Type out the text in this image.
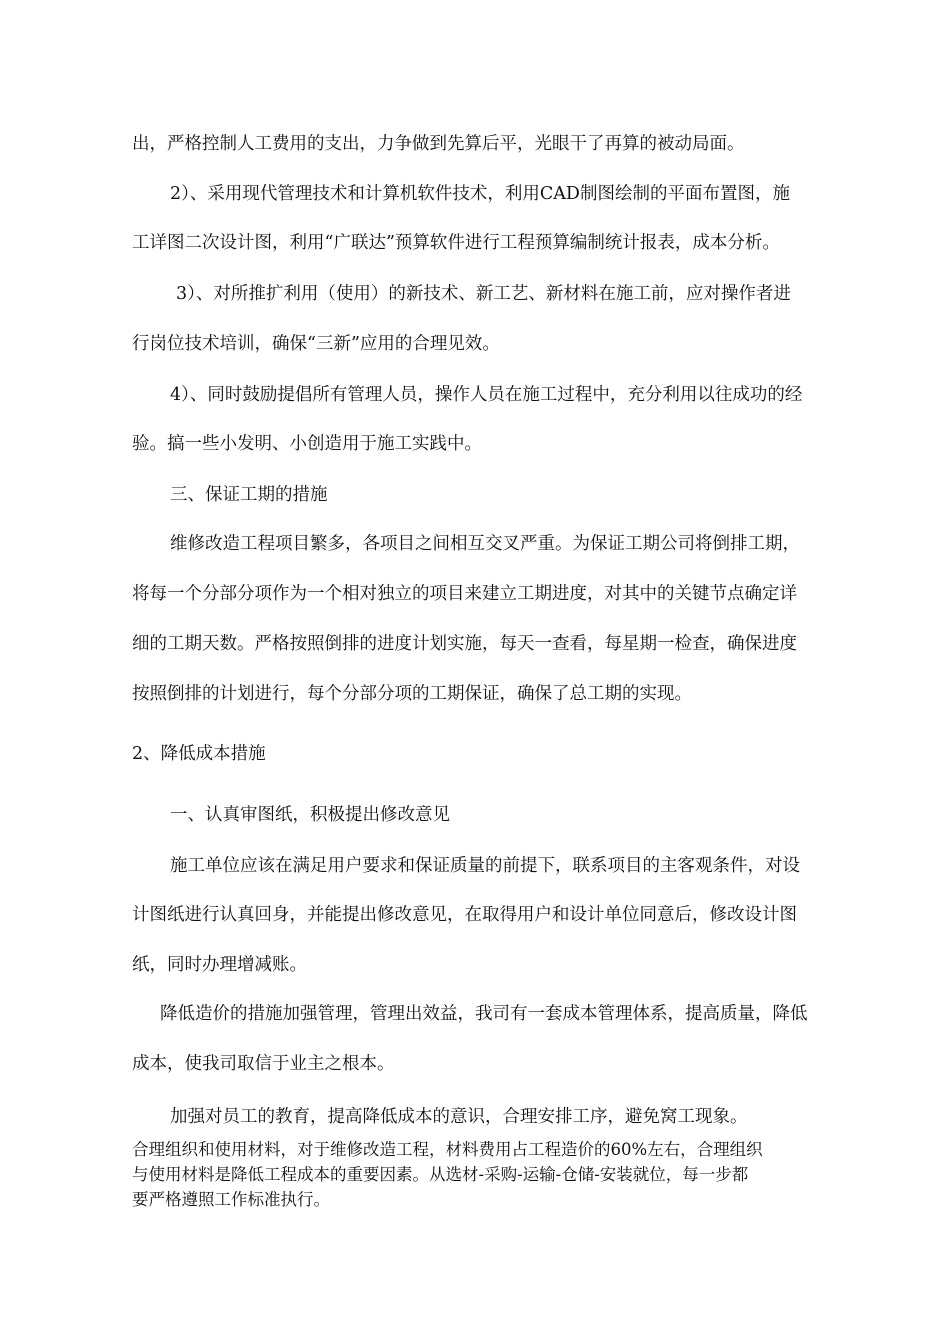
出，严格控制人工费用的支出，力争做到先算后平，光眼干了再算的被动局面。
2）、采用现代管理技术和计算机软件技术，利用CAD制图绘制的平面布置图，施
工详图二次设计图，利用“广联达”预算软件进行工程预算编制统计报表，成本分析。
3）、对所推扩利用（使用）的新技术、新工艺、新材料在施工前，应对操作者进
行岗位技术培训，确保“三新”应用的合理见效。
4）、同时鼓励提倡所有管理人员，操作人员在施工过程中，充分利用以往成功的经
验。搞一些小发明、小创造用于施工实践中。
三、保证工期的措施
维修改造工程项目繁多，各项目之间相互交叉严重。为保证工期公司将倒排工期，
将每一个分部分项作为一个相对独立的项目来建立工期进度，对其中的关键节点确定详
细的工期天数。严格按照倒排的进度计划实施，每天一查看，每星期一检查，确保进度
按照倒排的计划进行，每个分部分项的工期保证，确保了总工期的实现。
2、降低成本措施
一、认真审图纸，积极提出修改意见
施工单位应该在满足用户要求和保证质量的前提下，联系项目的主客观条件，对设
计图纸进行认真回身，并能提出修改意见，在取得用户和设计单位同意后，修改设计图
纸，同时办理增减账。
降低造价的措施加强管理，管理出效益，我司有一套成本管理体系，提高质量，降低
成本，使我司取信于业主之根本。
加强对员工的教育，提高降低成本的意识，合理安排工序，避免窝工现象。
合理组织和使用材料，对于维修改造工程，材料费用占工程造价的60%左右，合理组织
与使用材料是降低工程成本的重要因素。从选材-采购-运输-仓储-安装就位，每一步都
要严格遵照工作标准执行。
